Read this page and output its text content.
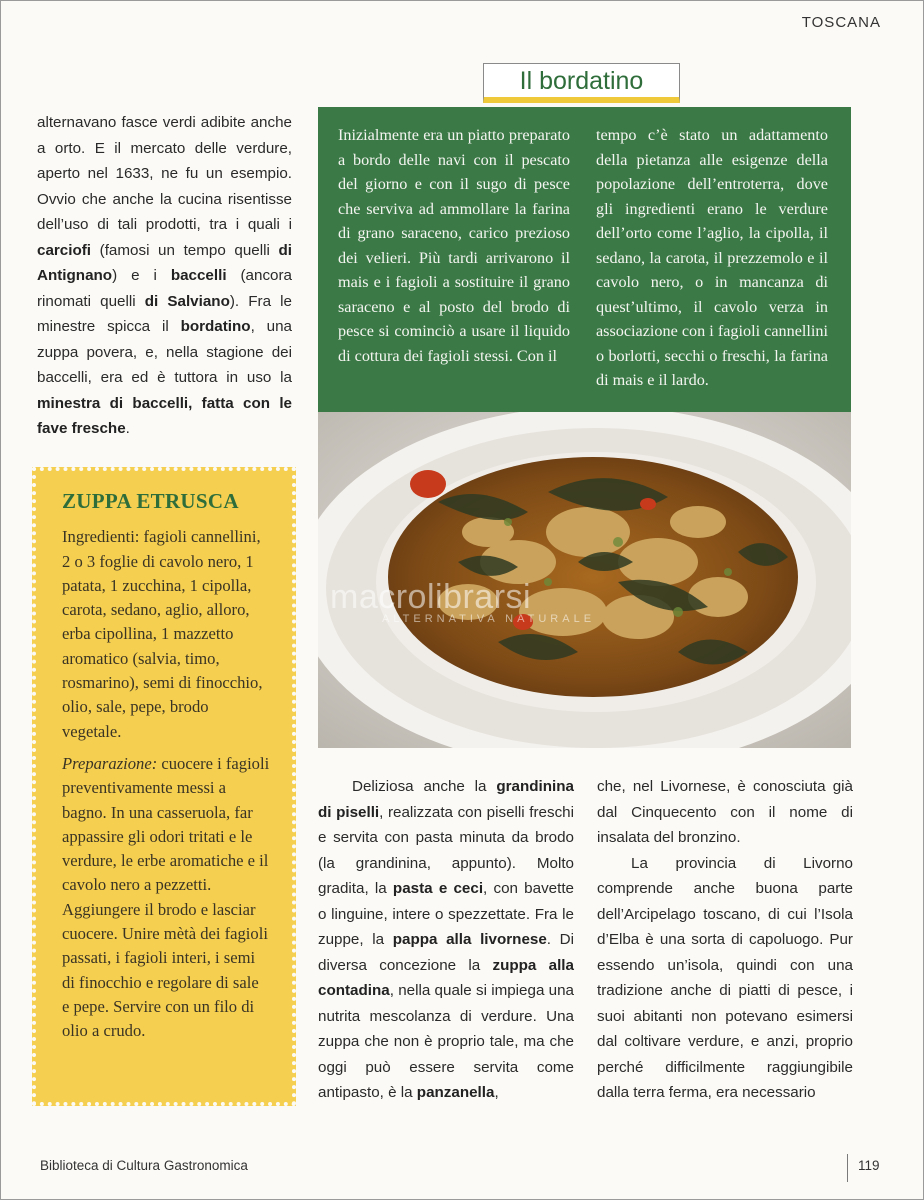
TOSCANA

alternavano fasce verdi adibite anche a orto. E il mercato delle verdure, aperto nel 1633, ne fu un esempio. Ovvio che anche la cucina risentisse dell’uso di tali prodotti, tra i quali i carciofi (famosi un tempo quelli di Antignano) e i baccelli (ancora rinomati quelli di Salviano). Fra le minestre spicca il bordatino, una zuppa povera, e, nella stagione dei baccelli, era ed è tuttora in uso la minestra di baccelli, fatta con le fave fresche.

Il bordatino
Inizialmente era un piatto preparato a bordo delle navi con il pescato del giorno e con il sugo di pesce che serviva ad ammollare la farina di grano saraceno, carico prezioso dei velieri. Più tardi arrivarono il mais e i fagioli a sostituire il grano saraceno e al posto del brodo di pesce si cominciò a usare il liquido di cottura dei fagioli stessi. Con il
tempo c’è stato un adattamento della pietanza alle esigenze della popolazione dell’entroterra, dove gli ingredienti erano le verdure dell’orto come l’aglio, la cipolla, il sedano, la carota, il prezzemolo e il cavolo nero, o in mancanza di quest’ultimo, il cavolo verza in associazione con i fagioli cannellini o borlotti, secchi o freschi, la farina di mais e il lardo.
macrolibrarsi
ALTERNATIVA NATURALE
ZUPPA ETRUSCA

Ingredienti: fagioli cannellini, 2 o 3 foglie di cavolo nero, 1 patata, 1 zucchina, 1 cipolla, carota, sedano, aglio, alloro, erba cipollina, 1 mazzetto aromatico (salvia, timo, rosmarino), semi di finocchio, olio, sale, pepe, brodo vegetale.

Preparazione: cuocere i fagioli preventivamente messi a bagno. In una casseruola, far appassire gli odori tritati e le verdure, le erbe aromatiche e il cavolo nero a pezzetti. Aggiungere il brodo e lasciar cuocere. Unire mètà dei fagioli passati, i fagioli interi, i semi di finocchio e regolare di sale e pepe. Servire con un filo di olio a crudo.

Deliziosa anche la grandinina di piselli, realizzata con piselli freschi e servita con pasta minuta da brodo (la grandinina, appunto). Molto gradita, la pasta e ceci, con bavette o linguine, intere o spezzettate. Fra le zuppe, la pappa alla livornese. Di diversa concezione la zuppa alla contadina, nella quale si impiega una nutrita mescolanza di verdure. Una zuppa che non è proprio tale, ma che oggi può essere servita come antipasto, è la panzanella,

che, nel Livornese, è conosciuta già dal Cinquecento con il nome di insalata del bronzino.

La provincia di Livorno comprende anche buona parte dell’Arcipelago toscano, di cui l’Isola d’Elba è una sorta di capoluogo. Pur essendo un’isola, quindi con una tradizione anche di piatti di pesce, i suoi abitanti non potevano esimersi dal coltivare verdure, e anzi, proprio perché difficilmente raggiungibile dalla terra ferma, era necessario

Biblioteca di Cultura Gastronomica	119
